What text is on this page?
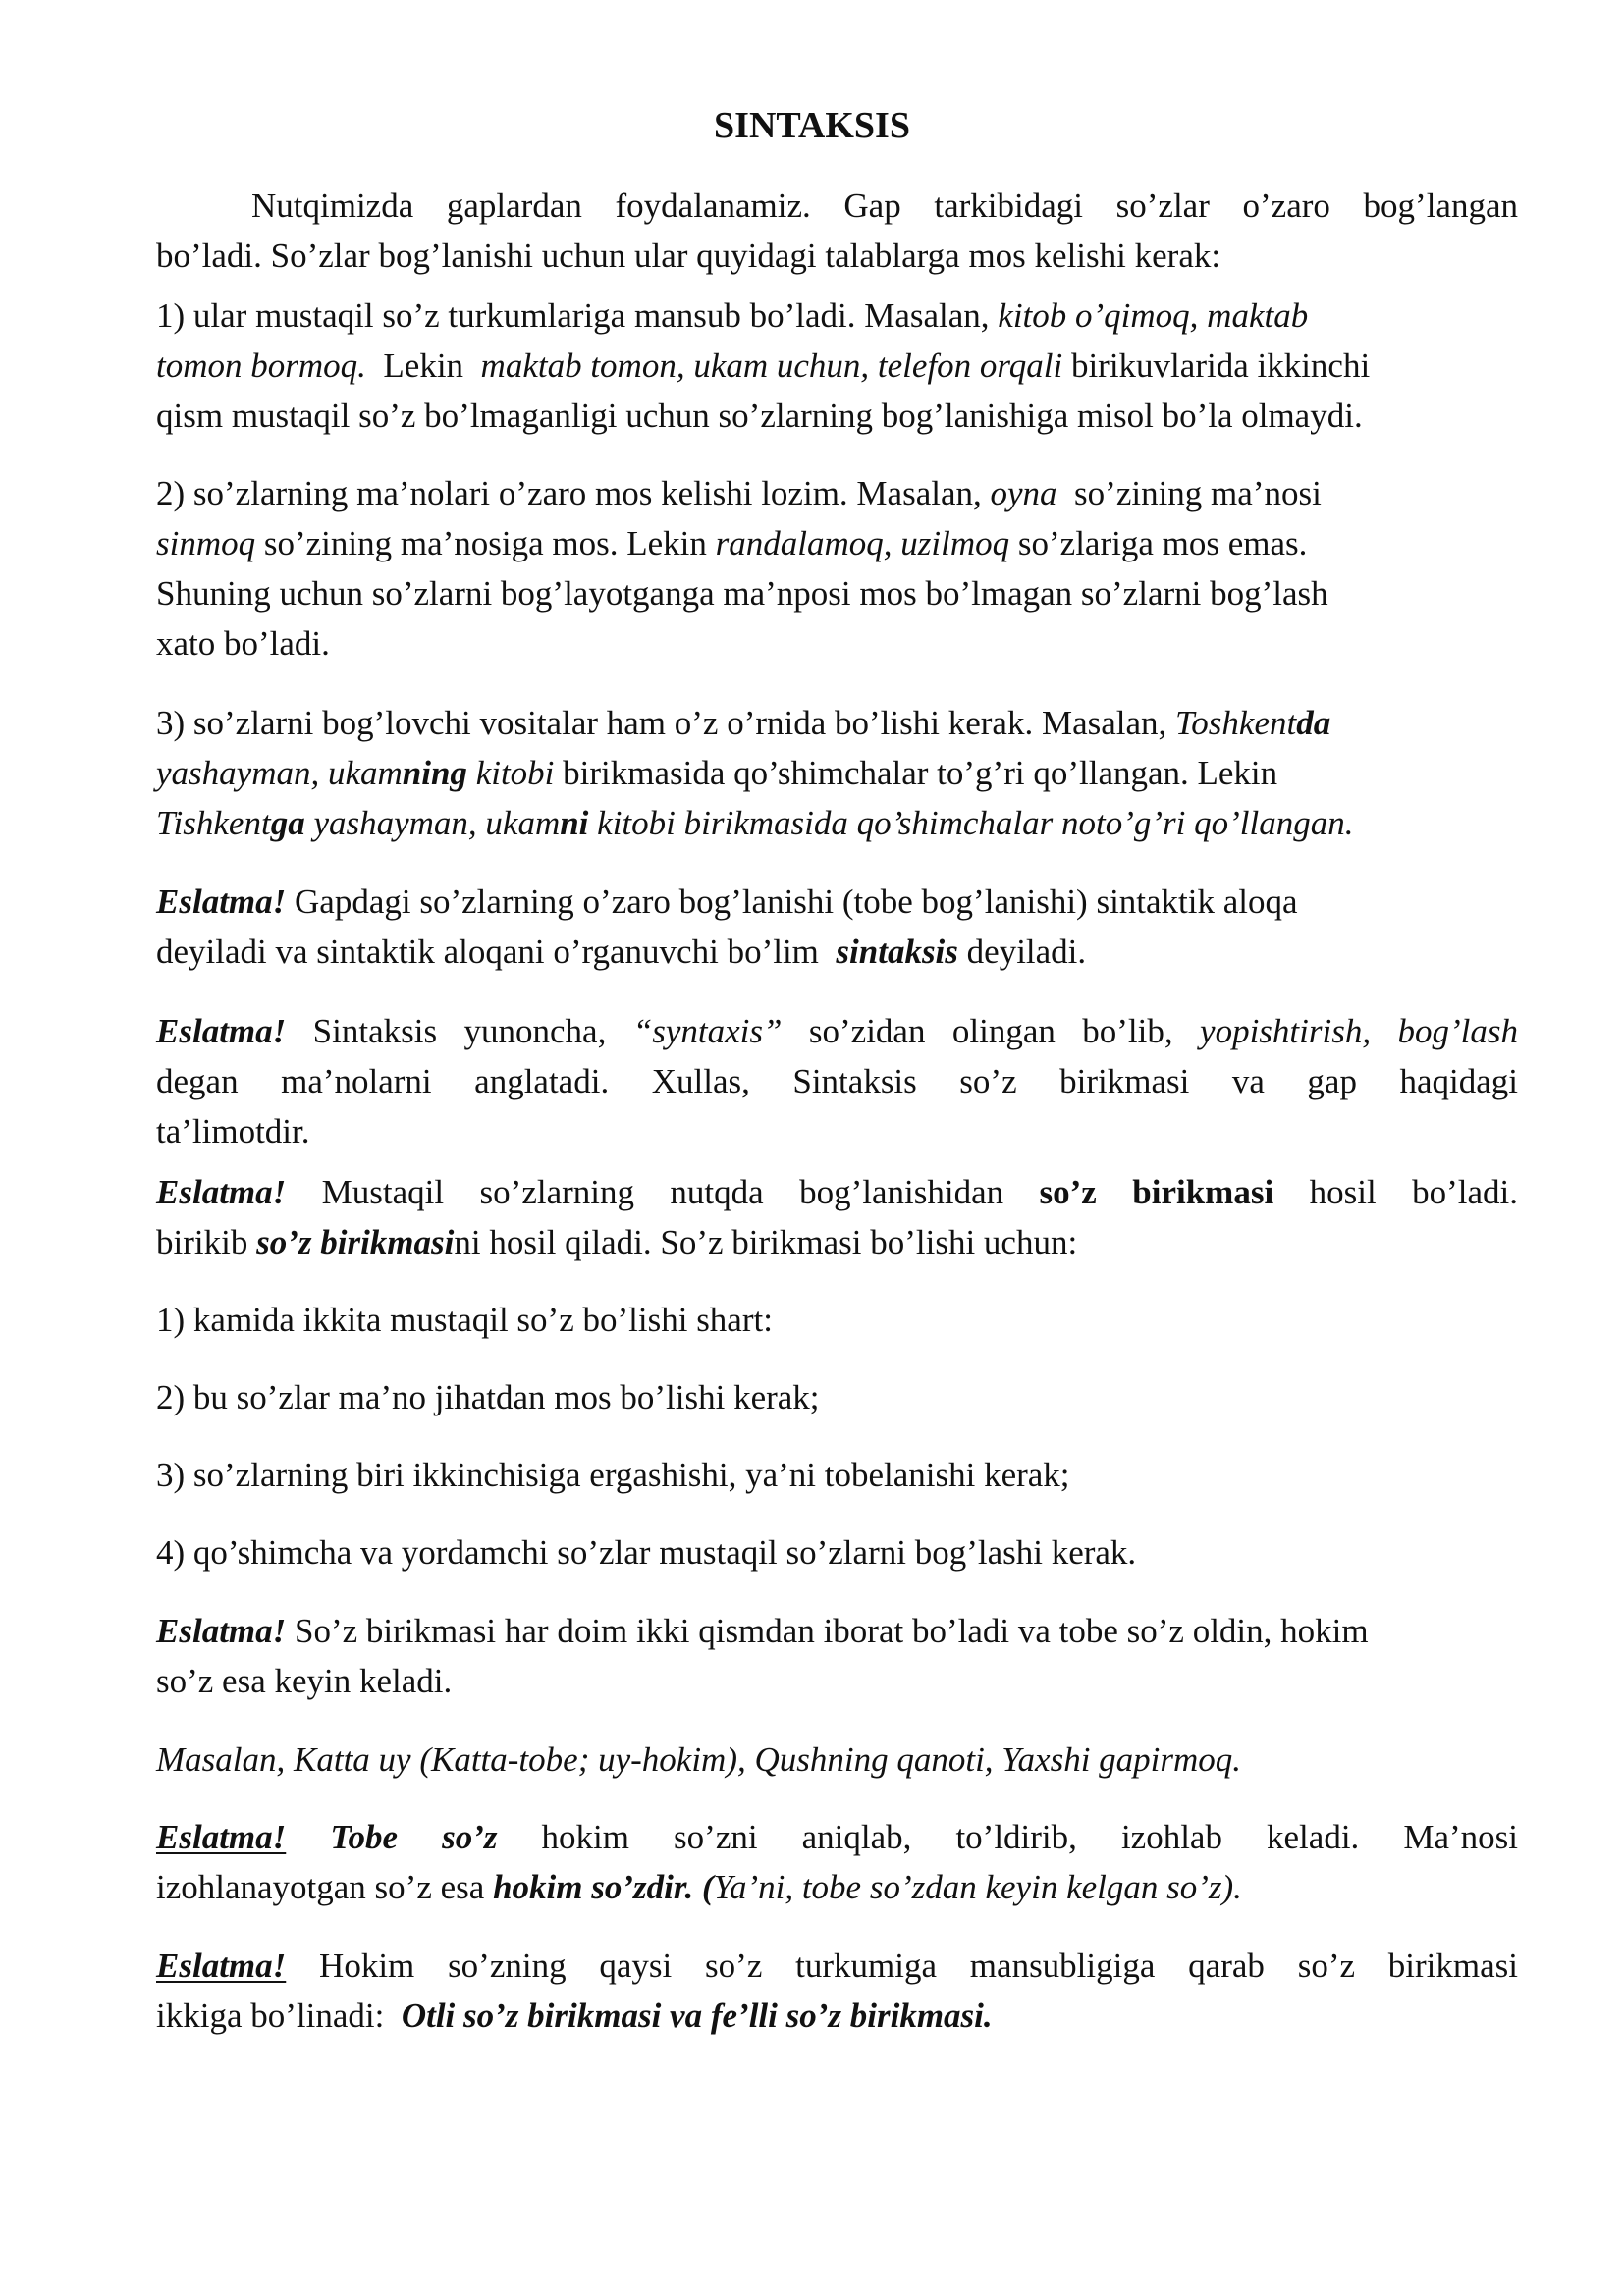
SINTAKSIS
Nutqimizda gaplardan foydalanamiz. Gap tarkibidagi so’zlar o’zaro bog’langan
bo’ladi. So’zlar bog’lanishi uchun ular quyidagi talablarga mos kelishi kerak:
1) ular mustaqil so’z turkumlariga mansub bo’ladi. Masalan, kitob o’qimoq, maktab
tomon bormoq.  Lekin  maktab tomon, ukam uchun, telefon orqali birikuvlarida ikkinchi
qism mustaqil so’z bo’lmaganligi uchun so’zlarning bog’lanishiga misol bo’la olmaydi.
2) so’zlarning ma’nolari o’zaro mos kelishi lozim. Masalan, oyna  so’zining ma’nosi
sinmoq so’zining ma’nosiga mos. Lekin randalamoq, uzilmoq so’zlariga mos emas.
Shuning uchun so’zlarni bog’layotganga ma’nposi mos bo’lmagan so’zlarni bog’lash
xato bo’ladi.
3) so’zlarni bog’lovchi vositalar ham o’z o’rnida bo’lishi kerak. Masalan, Toshkentda
yashayman, ukamning kitobi birikmasida qo’shimchalar to’g’ri qo’llangan. Lekin
Tishkentga yashayman, ukamni kitobi birikmasida qo’shimchalar noto’g’ri qo’llangan.
Eslatma! Gapdagi so’zlarning o’zaro bog’lanishi (tobe bog’lanishi) sintaktik aloqa
deyiladi va sintaktik aloqani o’rganuvchi bo’lim  sintaksis deyiladi.
Eslatma! Sintaksis yunoncha, “syntaxis” so’zidan olingan bo’lib, yopishtirish, bog’lash
degan ma’nolarni anglatadi. Xullas, Sintaksis so’z birikmasi va gap haqidagi
ta’limotdir.
Eslatma! Mustaqil so’zlarning nutqda bog’lanishidan so’z birikmasi hosil bo’ladi.
birikib so’z birikmasini hosil qiladi. So’z birikmasi bo’lishi uchun:
1) kamida ikkita mustaqil so’z bo’lishi shart:
2) bu so’zlar ma’no jihatdan mos bo’lishi kerak;
3) so’zlarning biri ikkinchisiga ergashishi, ya’ni tobelanishi kerak;
4) qo’shimcha va yordamchi so’zlar mustaqil so’zlarni bog’lashi kerak.
Eslatma! So’z birikmasi har doim ikki qismdan iborat bo’ladi va tobe so’z oldin, hokim
so’z esa keyin keladi.
Masalan, Katta uy (Katta-tobe; uy-hokim), Qushning qanoti, Yaxshi gapirmoq.
Eslatma! Tobe so’z hokim so’zni aniqlab, to’ldirib, izohlab keladi. Ma’nosi
izohlanayotgan so’z esa hokim so’zdir. (Ya’ni, tobe so’zdan keyin kelgan so’z).
Eslatma! Hokim so’zning qaysi so’z turkumiga mansubligiga qarab so’z birikmasi
ikkiga bo’linadi:  Otli so’z birikmasi va fe’lli so’z birikmasi.
